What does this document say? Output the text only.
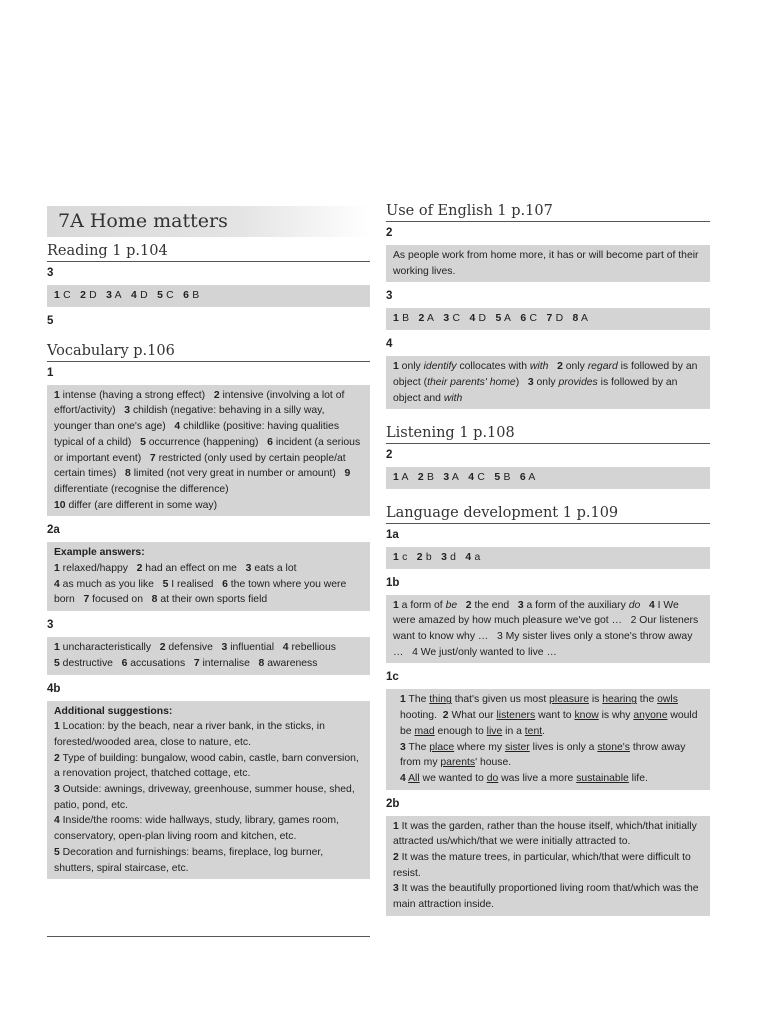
7A Home matters
Reading 1 p.104
3
1 C 2 D 3 A 4 D 5 C 6 B
5
Vocabulary p.106
1
1 intense (having a strong effect) 2 intensive (involving a lot of effort/activity) 3 childish (negative: behaving in a silly way, younger than one's age) 4 childlike (positive: having qualities typical of a child) 5 occurrence (happening) 6 incident (a serious or important event) 7 restricted (only used by certain people/at certain times) 8 limited (not very great in number or amount) 9 differentiate (recognise the difference)
10 differ (are different in some way)
2a
Example answers:
1 relaxed/happy 2 had an effect on me 3 eats a lot
4 as much as you like 5 I realised 6 the town where you were born 7 focused on 8 at their own sports field
3
1 uncharacteristically 2 defensive 3 influential 4 rebellious
5 destructive 6 accusations 7 internalise 8 awareness
4b
Additional suggestions:
1 Location: by the beach, near a river bank, in the sticks, in forested/wooded area, close to nature, etc.
2 Type of building: bungalow, wood cabin, castle, barn conversion, a renovation project, thatched cottage, etc.
3 Outside: awnings, driveway, greenhouse, summer house, shed, patio, pond, etc.
4 Inside/the rooms: wide hallways, study, library, games room, conservatory, open-plan living room and kitchen, etc.
5 Decoration and furnishings: beams, fireplace, log burner, shutters, spiral staircase, etc.
Use of English 1 p.107
2
As people work from home more, it has or will become part of their working lives.
3
1 B 2 A 3 C 4 D 5 A 6 C 7 D 8 A
4
1 only identify collocates with with 2 only regard is followed by an object (their parents' home) 3 only provides is followed by an object and with
Listening 1 p.108
2
1 A 2 B 3 A 4 C 5 B 6 A
Language development 1 p.109
1a
1 c 2 b 3 d 4 a
1b
1 a form of be 2 the end 3 a form of the auxiliary do 4 I We were amazed by how much pleasure we've got … 2 Our listeners want to know why … 3 My sister lives only a stone's throw away … 4 We just/only wanted to live …
1c
1 The thing that's given us most pleasure is hearing the owls hooting. 2 What our listeners want to know is why anyone would be mad enough to live in a tent.
3 The place where my sister lives is only a stone's throw away from my parents' house.
4 All we wanted to do was live a more sustainable life.
2b
1 It was the garden, rather than the house itself, which/that initially attracted us/which/that we were initially attracted to.
2 It was the mature trees, in particular, which/that were difficult to resist.
3 It was the beautifully proportioned living room that/which was the main attraction inside.
